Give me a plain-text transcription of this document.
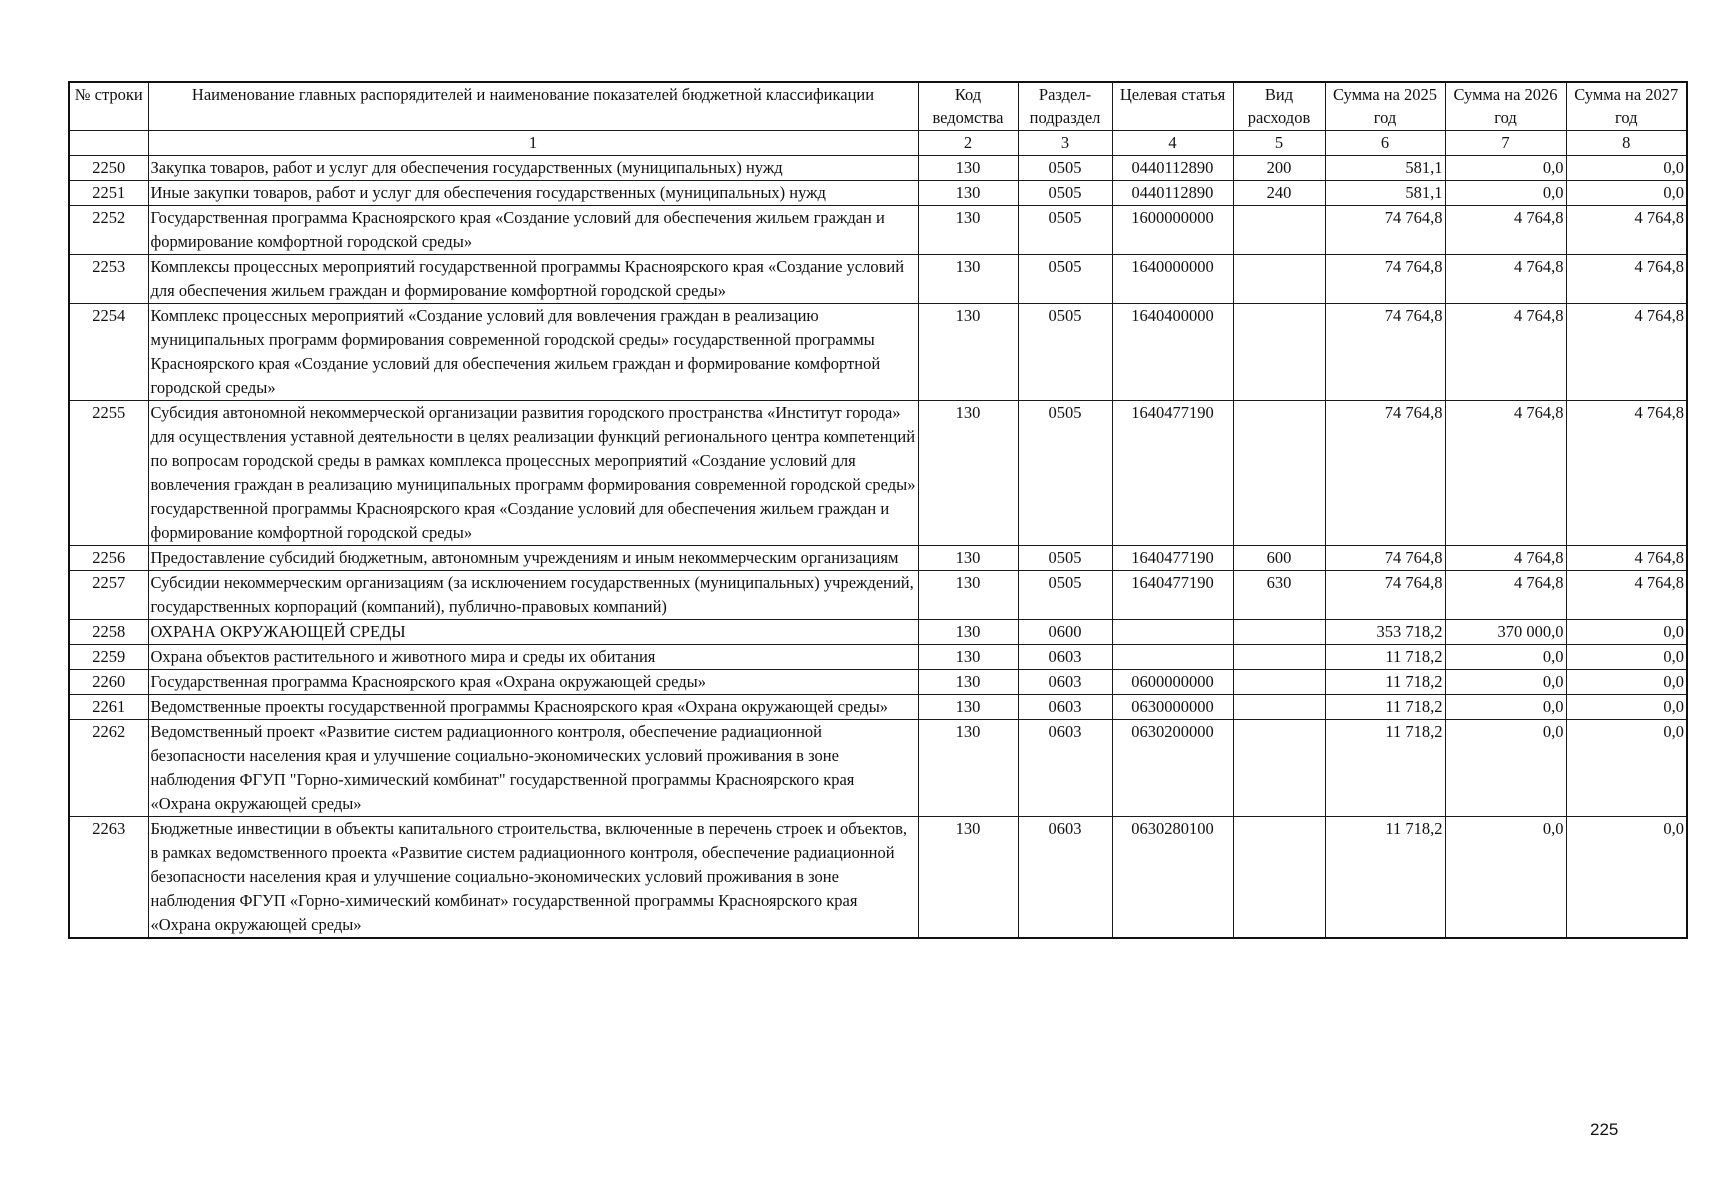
№ строки	Наименование главных распорядителей и наименование показателей бюджетной классификации	Код ведомства	Раздел-подраздел	Целевая статья	Вид расходов	Сумма на 2025 год	Сумма на 2026 год	Сумма на 2027 год
	1	2	3	4	5	6	7	8
2250	Закупка товаров, работ и услуг для обеспечения государственных (муниципальных) нужд	130	0505	0440112890	200	581,1	0,0	0,0
2251	Иные закупки товаров, работ и услуг для обеспечения государственных (муниципальных) нужд	130	0505	0440112890	240	581,1	0,0	0,0
2252	Государственная программа Красноярского края «Создание условий для обеспечения жильем граждан и формирование комфортной городской среды»	130	0505	1600000000		74 764,8	4 764,8	4 764,8
2253	Комплексы процессных мероприятий государственной программы Красноярского края «Создание условий для обеспечения жильем граждан и формирование комфортной городской среды»	130	0505	1640000000		74 764,8	4 764,8	4 764,8
2254	Комплекс процессных мероприятий «Создание условий для вовлечения граждан в реализацию муниципальных программ формирования современной городской среды» государственной программы Красноярского края «Создание условий для обеспечения жильем граждан и формирование комфортной городской среды»	130	0505	1640400000		74 764,8	4 764,8	4 764,8
2255	Субсидия автономной некоммерческой организации развития городского пространства «Институт города» для осуществления уставной деятельности в целях реализации функций регионального центра компетенций по вопросам городской среды в рамках комплекса процессных мероприятий «Создание условий для вовлечения граждан в реализацию муниципальных программ формирования современной городской среды» государственной программы Красноярского края «Создание условий для обеспечения жильем граждан и формирование комфортной городской среды»	130	0505	1640477190		74 764,8	4 764,8	4 764,8
2256	Предоставление субсидий бюджетным, автономным учреждениям и иным некоммерческим организациям	130	0505	1640477190	600	74 764,8	4 764,8	4 764,8
2257	Субсидии некоммерческим организациям (за исключением государственных (муниципальных) учреждений, государственных корпораций (компаний), публично-правовых компаний)	130	0505	1640477190	630	74 764,8	4 764,8	4 764,8
2258	ОХРАНА ОКРУЖАЮЩЕЙ СРЕДЫ	130	0600			353 718,2	370 000,0	0,0
2259	Охрана объектов растительного и животного мира и среды их обитания	130	0603			11 718,2	0,0	0,0
2260	Государственная программа Красноярского края «Охрана окружающей среды»	130	0603	0600000000		11 718,2	0,0	0,0
2261	Ведомственные проекты государственной программы Красноярского края «Охрана окружающей среды»	130	0603	0630000000		11 718,2	0,0	0,0
2262	Ведомственный проект «Развитие систем радиационного контроля, обеспечение радиационной безопасности населения края и улучшение социально-экономических условий проживания в зоне наблюдения ФГУП "Горно-химический комбинат" государственной программы Красноярского края «Охрана окружающей среды»	130	0603	0630200000		11 718,2	0,0	0,0
2263	Бюджетные инвестиции в объекты капитального строительства, включенные в перечень строек и объектов, в рамках ведомственного проекта «Развитие систем радиационного контроля, обеспечение радиационной безопасности населения края и улучшение социально-экономических условий проживания в зоне наблюдения ФГУП «Горно-химический комбинат» государственной программы Красноярского края «Охрана окружающей среды»	130	0603	0630280100		11 718,2	0,0	0,0
225
